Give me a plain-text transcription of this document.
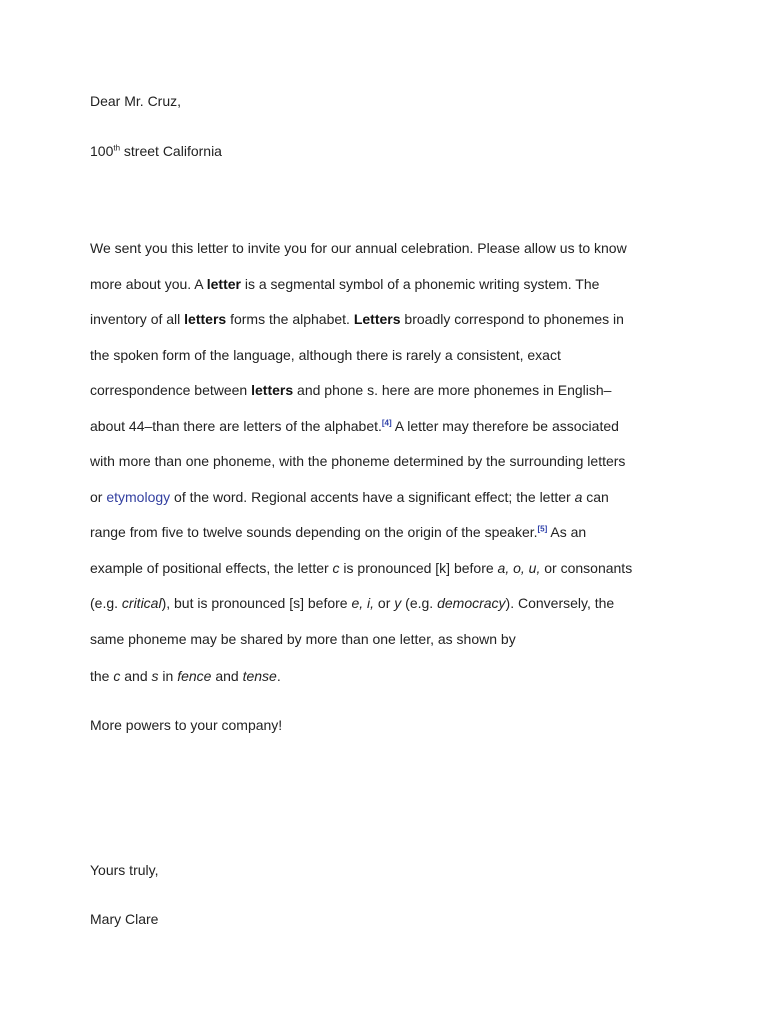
Dear Mr. Cruz,
100th street California
We sent you this letter to invite you for our annual celebration. Please allow us to know
more about you. A letter is a segmental symbol of a phonemic writing system. The
inventory of all letters forms the alphabet. Letters broadly correspond to phonemes in
the spoken form of the language, although there is rarely a consistent, exact
correspondence between letters and phone s. here are more phonemes in English–
about 44–than there are letters of the alphabet.[4] A letter may therefore be associated
with more than one phoneme, with the phoneme determined by the surrounding letters
or etymology of the word. Regional accents have a significant effect; the letter a can
range from five to twelve sounds depending on the origin of the speaker.[5] As an
example of positional effects, the letter c is pronounced [k] before a, o, u, or consonants
(e.g. critical), but is pronounced [s] before e, i, or y (e.g. democracy). Conversely, the
same phoneme may be shared by more than one letter, as shown by
the c and s in fence and tense.
More powers to your company!
Yours truly,
Mary Clare
